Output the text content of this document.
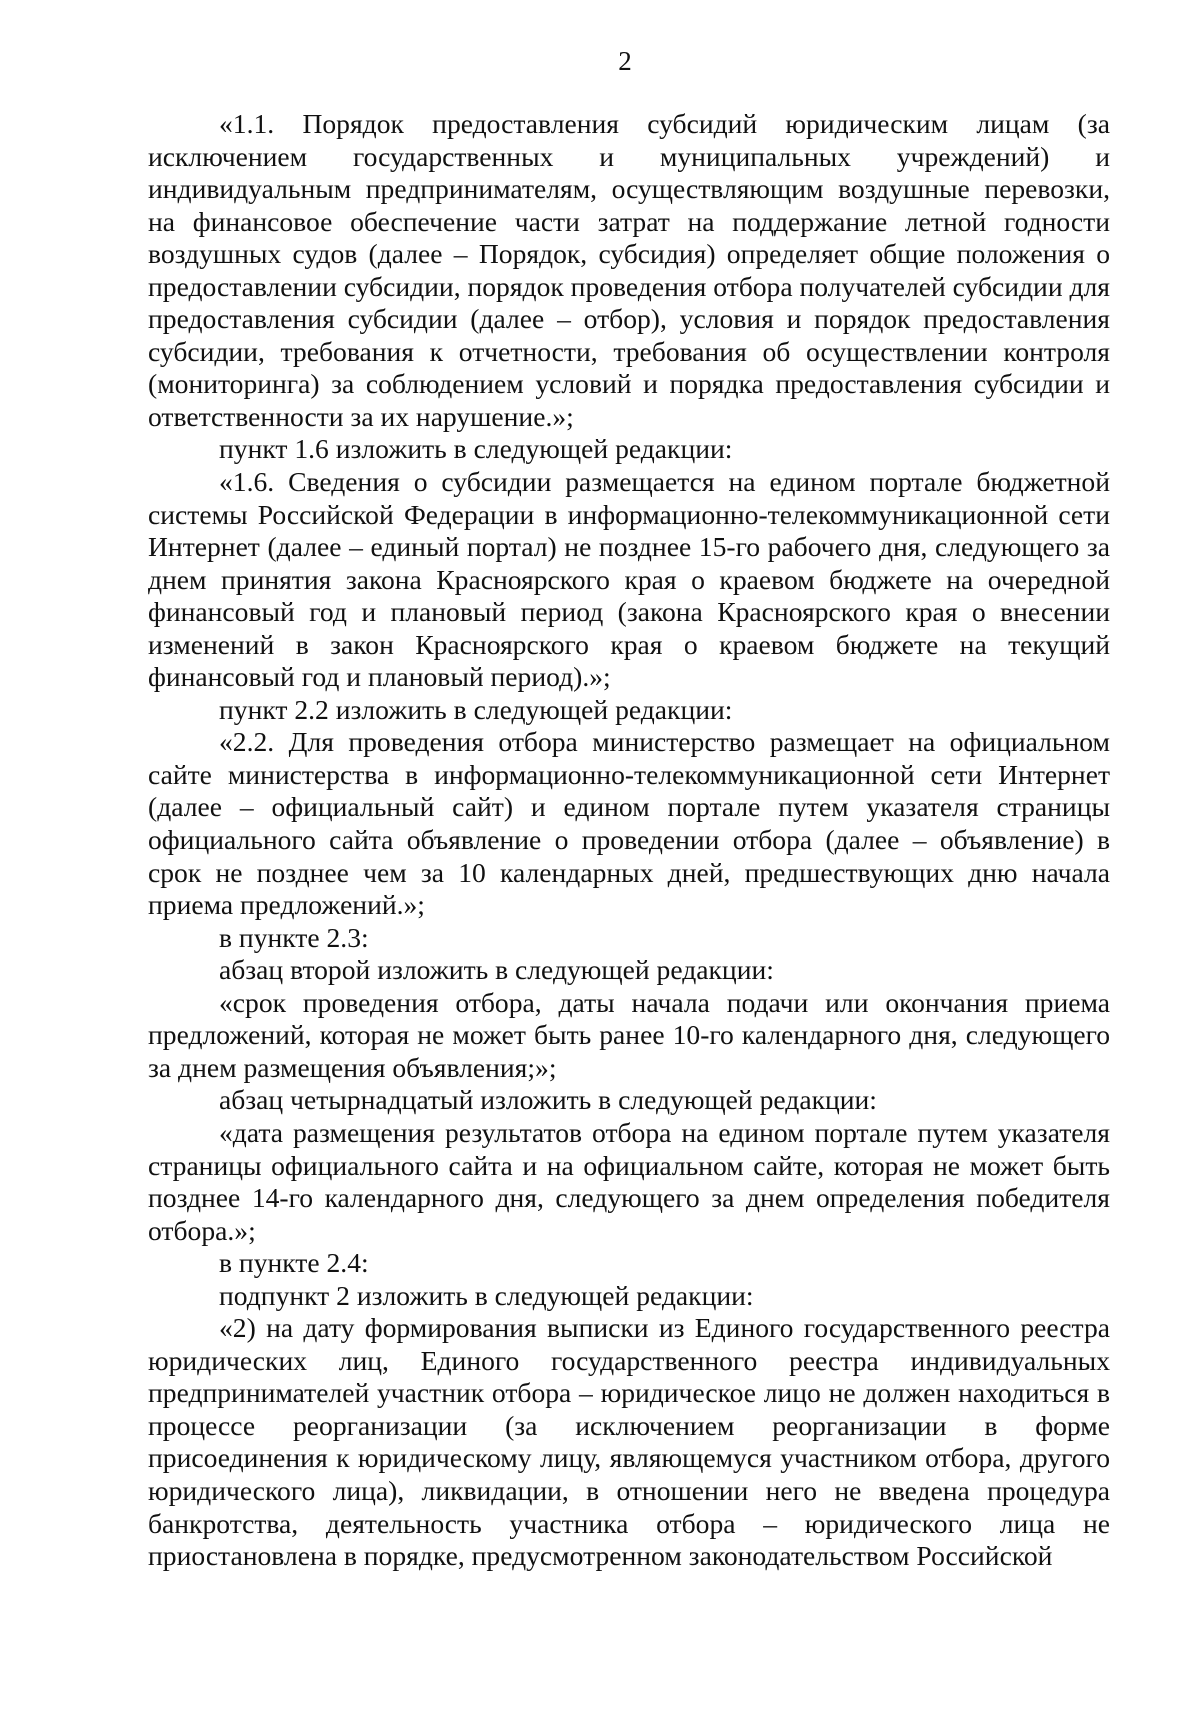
2

«1.1. Порядок предоставления субсидий юридическим лицам (за исключением государственных и муниципальных учреждений) и индивидуальным предпринимателям, осуществляющим воздушные перевозки, на финансовое обеспечение части затрат на поддержание летной годности воздушных судов (далее – Порядок, субсидия) определяет общие положения о предоставлении субсидии, порядок проведения отбора получателей субсидии для предоставления субсидии (далее – отбор), условия и порядок предоставления субсидии, требования к отчетности, требования об осуществлении контроля (мониторинга) за соблюдением условий и порядка предоставления субсидии и ответственности за их нарушение.»;

пункт 1.6 изложить в следующей редакции:

«1.6. Сведения о субсидии размещается на едином портале бюджетной системы Российской Федерации в информационно-телекоммуникационной сети Интернет (далее – единый портал) не позднее 15-го рабочего дня, следующего за днем принятия закона Красноярского края о краевом бюджете на очередной финансовый год и плановый период (закона Красноярского края о внесении изменений в закон Красноярского края о краевом бюджете на текущий финансовый год и плановый период).»;

пункт 2.2 изложить в следующей редакции:

«2.2. Для проведения отбора министерство размещает на официальном сайте министерства в информационно-телекоммуникационной сети Интернет (далее – официальный сайт) и едином портале путем указателя страницы официального сайта объявление о проведении отбора (далее – объявление) в срок не позднее чем за 10 календарных дней, предшествующих дню начала приема предложений.»;

в пункте 2.3:

абзац второй изложить в следующей редакции:

«срок проведения отбора, даты начала подачи или окончания приема предложений, которая не может быть ранее 10-го календарного дня, следующего за днем размещения объявления;»;

абзац четырнадцатый изложить в следующей редакции:

«дата размещения результатов отбора на едином портале путем указателя страницы официального сайта и на официальном сайте, которая не может быть позднее 14-го календарного дня, следующего за днем определения победителя отбора.»;

в пункте 2.4:

подпункт 2 изложить в следующей редакции:

«2) на дату формирования выписки из Единого государственного реестра юридических лиц, Единого государственного реестра индивидуальных предпринимателей участник отбора – юридическое лицо не должен находиться в процессе реорганизации (за исключением реорганизации в форме присоединения к юридическому лицу, являющемуся участником отбора, другого юридического лица), ликвидации, в отношении него не введена процедура банкротства, деятельность участника отбора – юридического лица не приостановлена в порядке, предусмотренном законодательством Российской
